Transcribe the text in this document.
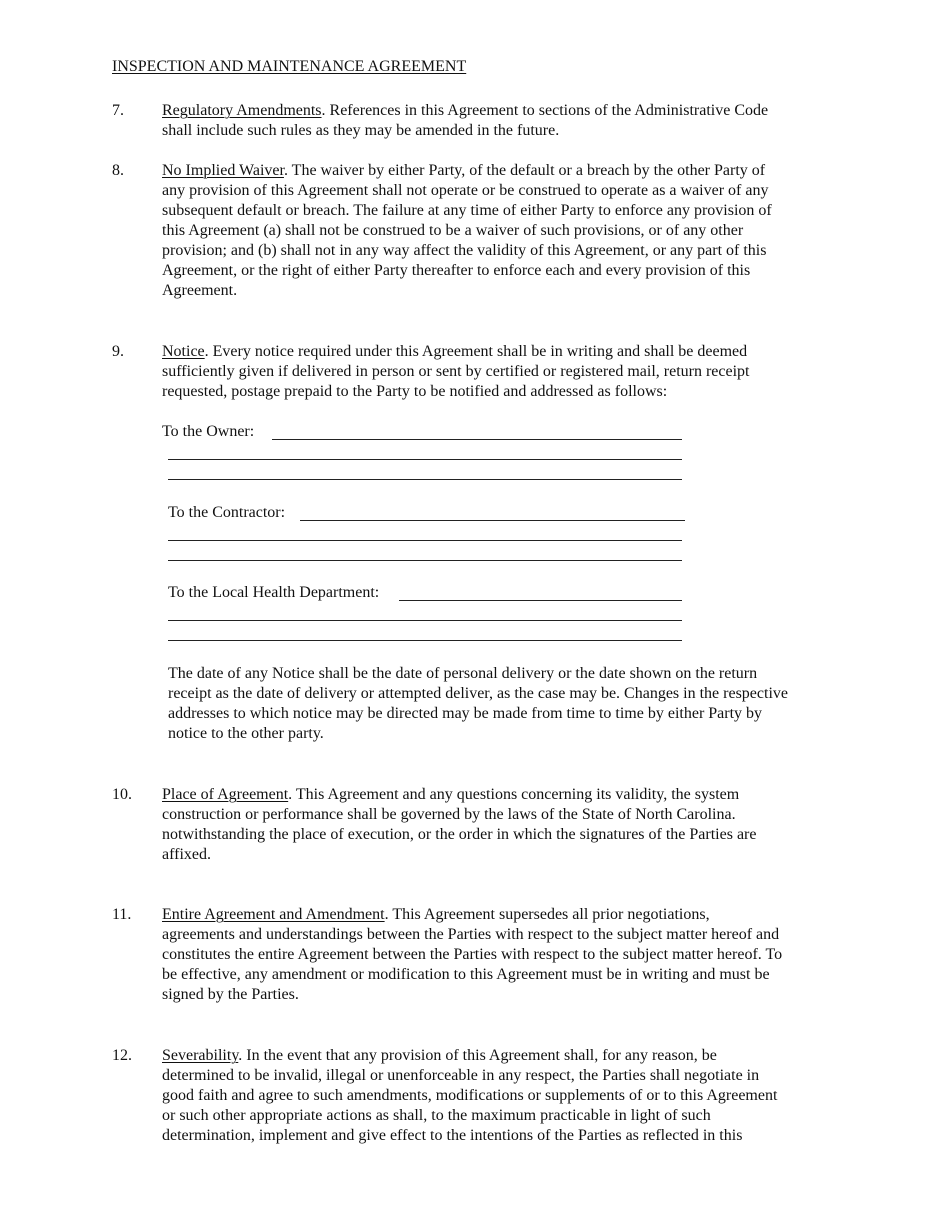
INSPECTION AND MAINTENANCE AGREEMENT
7. Regulatory Amendments. References in this Agreement to sections of the Administrative Code
shall include such rules as they may be amended in the future.
8. No Implied Waiver. The waiver by either Party, of the default or a breach by the other Party of
any provision of this Agreement shall not operate or be construed to operate as a waiver of any
subsequent default or breach. The failure at any time of either Party to enforce any provision of
this Agreement (a) shall not be construed to be a waiver of such provisions, or of any other
provision; and (b) shall not in any way affect the validity of this Agreement, or any part of this
Agreement, or the right of either Party thereafter to enforce each and every provision of this
Agreement.
9. Notice. Every notice required under this Agreement shall be in writing and shall be deemed
sufficiently given if delivered in person or sent by certified or registered mail, return receipt
requested, postage prepaid to the Party to be notified and addressed as follows:
To the Owner:
To the Contractor:
To the Local Health Department:
The date of any Notice shall be the date of personal delivery or the date shown on the return
receipt as the date of delivery or attempted deliver, as the case may be. Changes in the respective
addresses to which notice may be directed may be made from time to time by either Party by
notice to the other party.
10. Place of Agreement. This Agreement and any questions concerning its validity, the system
construction or performance shall be governed by the laws of the State of North Carolina.
notwithstanding the place of execution, or the order in which the signatures of the Parties are
affixed.
11. Entire Agreement and Amendment. This Agreement supersedes all prior negotiations,
agreements and understandings between the Parties with respect to the subject matter hereof and
constitutes the entire Agreement between the Parties with respect to the subject matter hereof. To
be effective, any amendment or modification to this Agreement must be in writing and must be
signed by the Parties.
12. Severability. In the event that any provision of this Agreement shall, for any reason, be
determined to be invalid, illegal or unenforceable in any respect, the Parties shall negotiate in
good faith and agree to such amendments, modifications or supplements of or to this Agreement
or such other appropriate actions as shall, to the maximum practicable in light of such
determination, implement and give effect to the intentions of the Parties as reflected in this
